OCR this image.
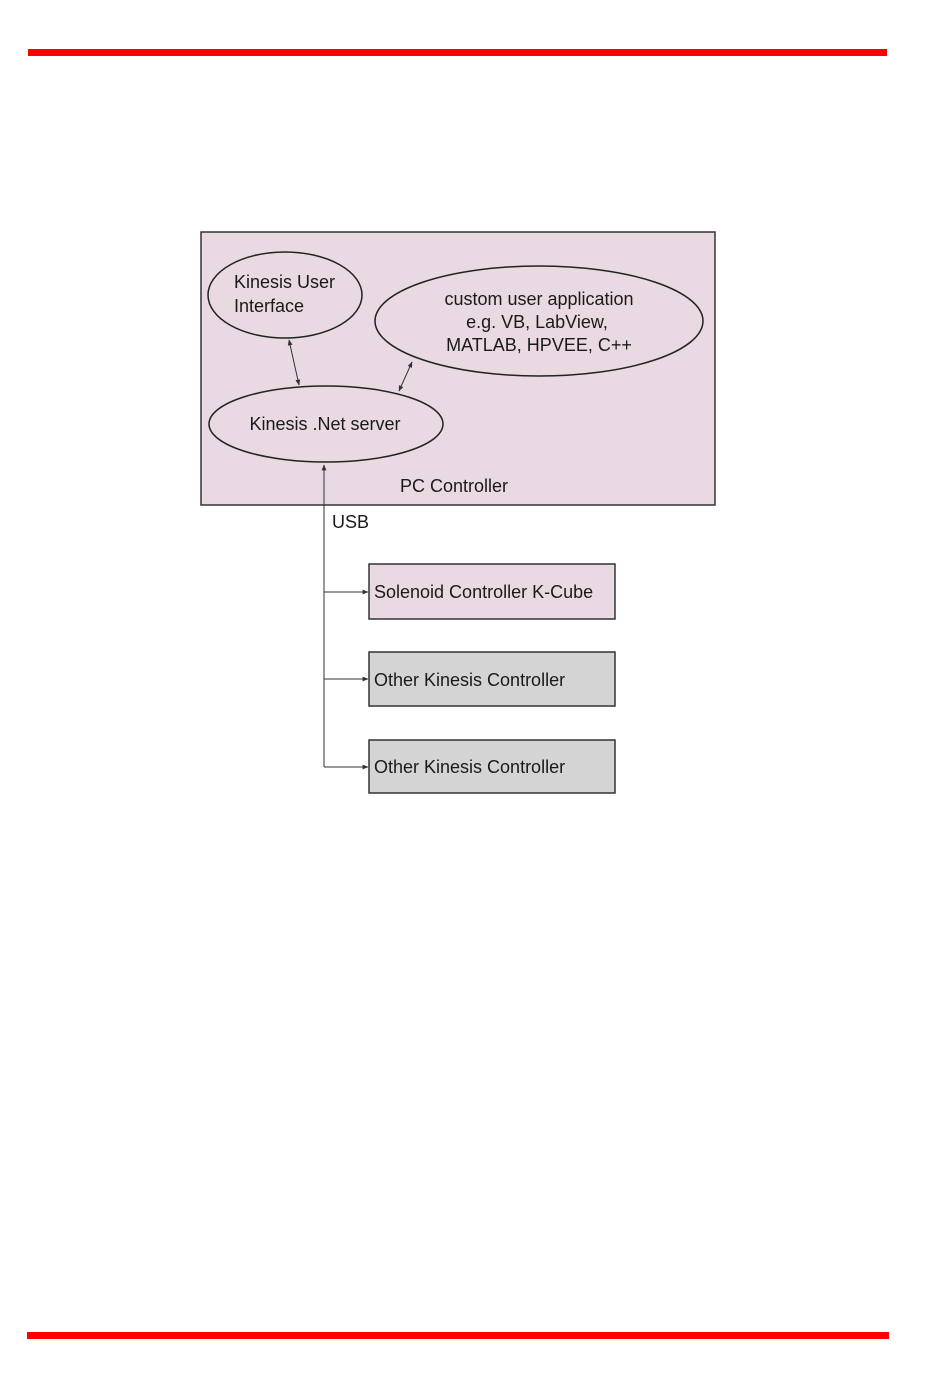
Kinesis User
Interface	custom user application
e.g. VB, LabView,
MATLAB, HPVEE, C++
Kinesis .Net server
PC Controller
USB
Solenoid Controller K-Cube
Other Kinesis Controller
Other Kinesis Controller
